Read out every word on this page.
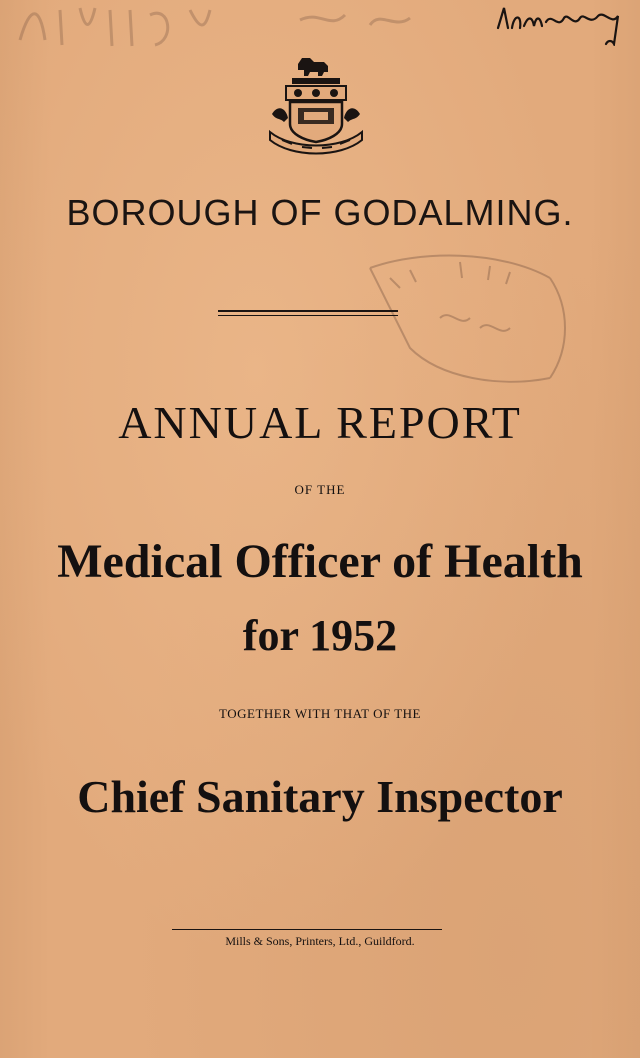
BOROUGH OF GODALMING.
ANNUAL REPORT
OF THE
Medical Officer of Health
for 1952
TOGETHER WITH THAT OF THE
Chief Sanitary Inspector
Mills & Sons, Printers, Ltd., Guildford.
